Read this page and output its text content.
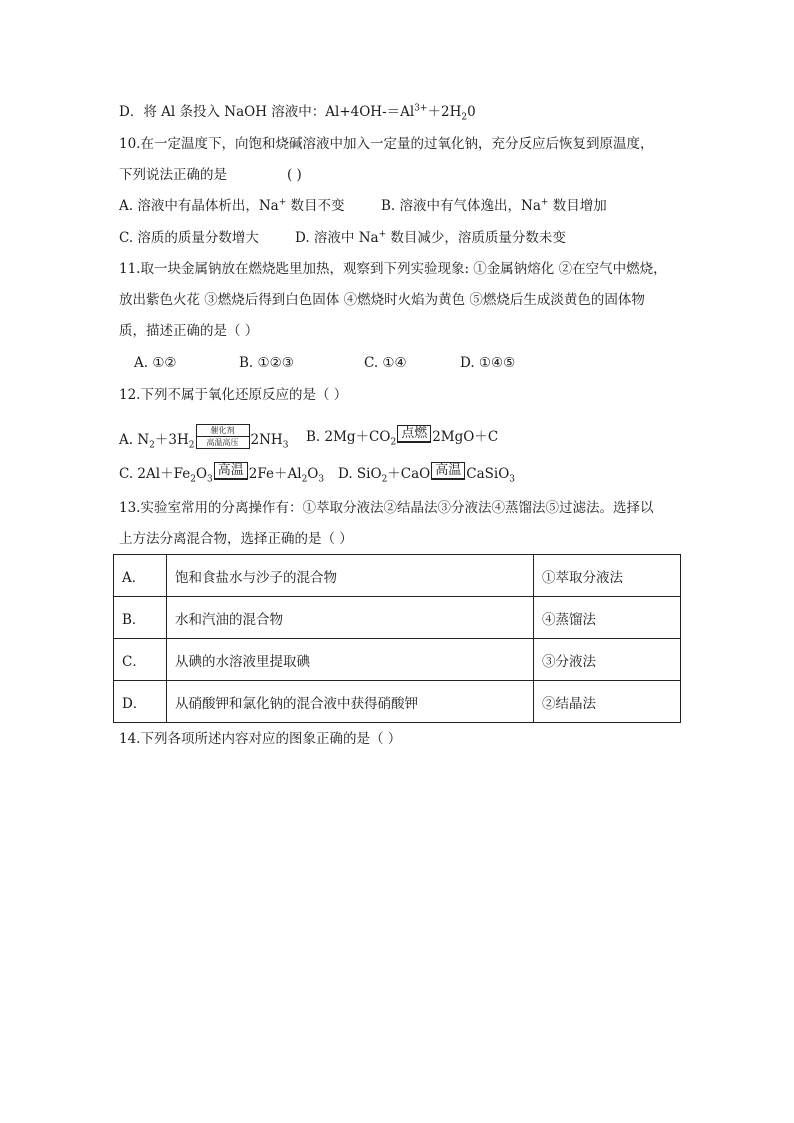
D．将 Al 条投入 NaOH 溶液中：$Al+4OH-=Al^{3+}+2H_20$
10.在一定温度下，向饱和烧碱溶液中加入一定量的过氧化钠，充分反应后恢复到原温度，
下列说法正确的是	( )
A. 溶液中有晶体析出，Na+ 数目不变	B. 溶液中有气体逸出，Na+ 数目增加
C. 溶质的质量分数增大	D. 溶液中 Na+ 数目减少，溶质质量分数未变
11.取一块金属钠放在燃烧匙里加热，观察到下列实验现象: ①金属钠熔化 ②在空气中燃烧，
放出紫色火花 ③燃烧后得到白色固体 ④燃烧时火焰为黄色 ⑤燃烧后生成淡黄色的固体物
质，描述正确的是（ ）
A. ①②	B. ①②③	C. ①④	D. ①④⑤
12.下列不属于氧化还原反应的是（ ）
A. $N_2+3H_2$
催化剂
高温高压 $2NH_3$
B. $2Mg+CO_2$点燃 2MgO＋C
C. $2Al+Fe_2O_3$高温 $2Fe+Al_2O_3$ D. SiO$_2$＋CaO 高温 CaSiO$_3$
13.实验室常用的分离操作有：①萃取分液法②结晶法③分液法④蒸馏法⑤过滤法。选择以
上方法分离混合物，选择正确的是（ ）
A．	饱和食盐水与沙子的混合物	①萃取分液法
B．	水和汽油的混合物	④蒸馏法
C．	从碘的水溶液里提取碘	③分液法
D．	从硝酸钾和氯化钠的混合液中获得硝酸钾	②结晶法
14.下列各项所述内容对应的图象正确的是（ ）
